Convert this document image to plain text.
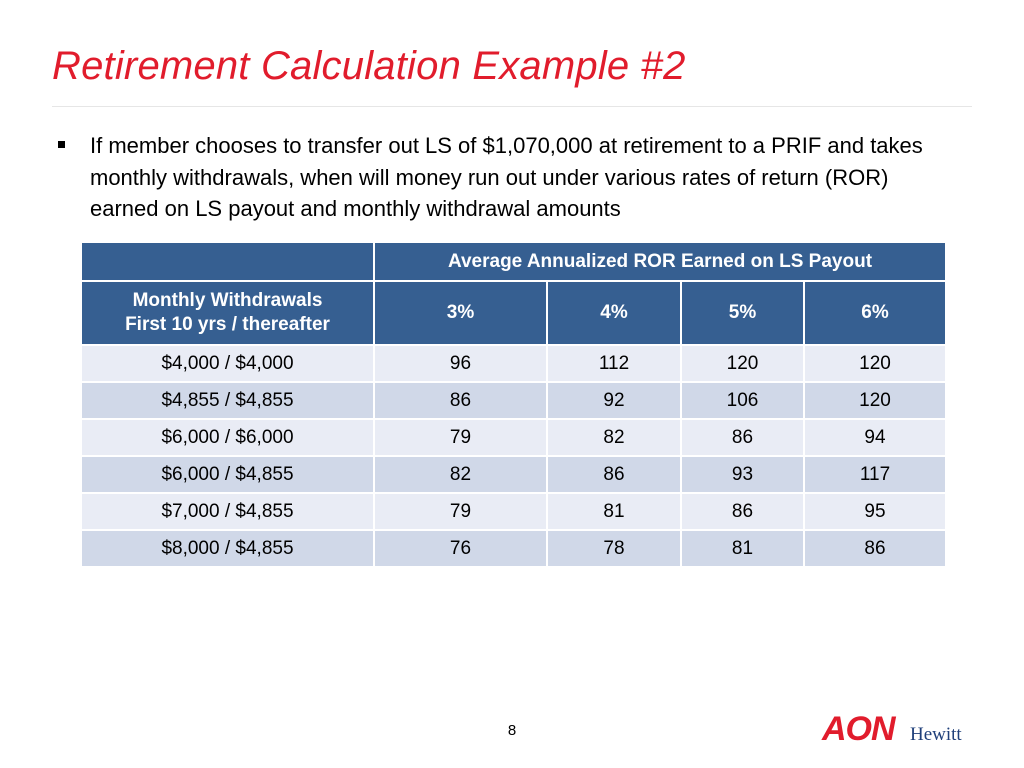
Retirement Calculation Example #2
If member chooses to transfer out LS of $1,070,000 at retirement to a PRIF and takes monthly withdrawals, when will money run out under various rates of return (ROR) earned on LS payout and monthly withdrawal amounts
	Average Annualized ROR Earned on LS Payout			

Monthly Withdrawals
First 10 yrs / thereafter	3%	4%	5%	6%
$4,000 / $4,000	96	112	120	120
$4,855 / $4,855	86	92	106	120
$6,000 / $6,000	79	82	86	94
$6,000 / $4,855	82	86	93	117
$7,000 / $4,855	79	81	86	95
$8,000 / $4,855	76	78	81	86
8	AON Hewitt
